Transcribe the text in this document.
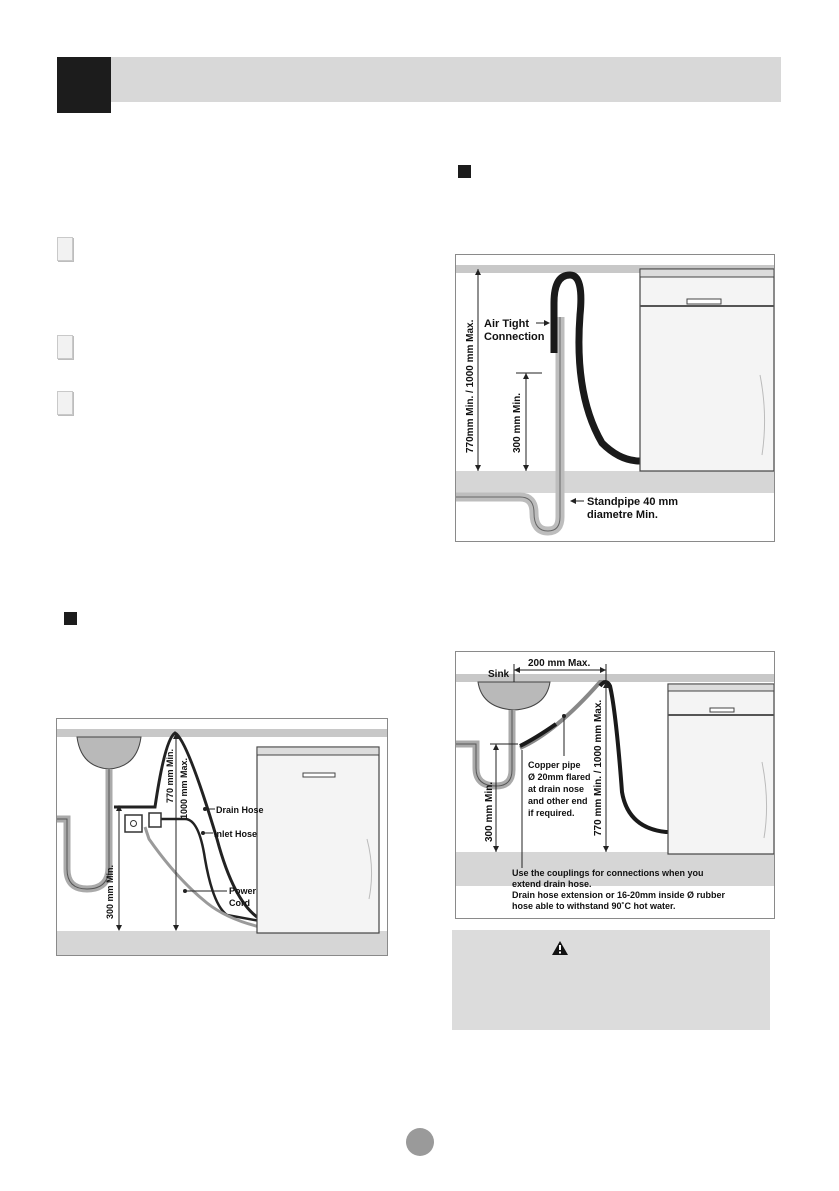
Drain Hose
Inlet Hose
Power
Cord
300 mm Min.
770 mm Min. 1000 mm Max.
770mm Min. / 1000 mm Max. Air Tight
Connection
300 mm Min.
Standpipe 40 mm
diametre Min.
Sink
200 mm Max.
770 mm Min. / 1000 mm Max.
300 mm Min.
Copper pipe
Ø 20mm flared
at drain nose
and other end
if required.
Use the couplings for connections when you
extend drain hose.
Drain hose extension or 16-20mm inside Ø rubber
hose able to withstand 90˚C hot water.
